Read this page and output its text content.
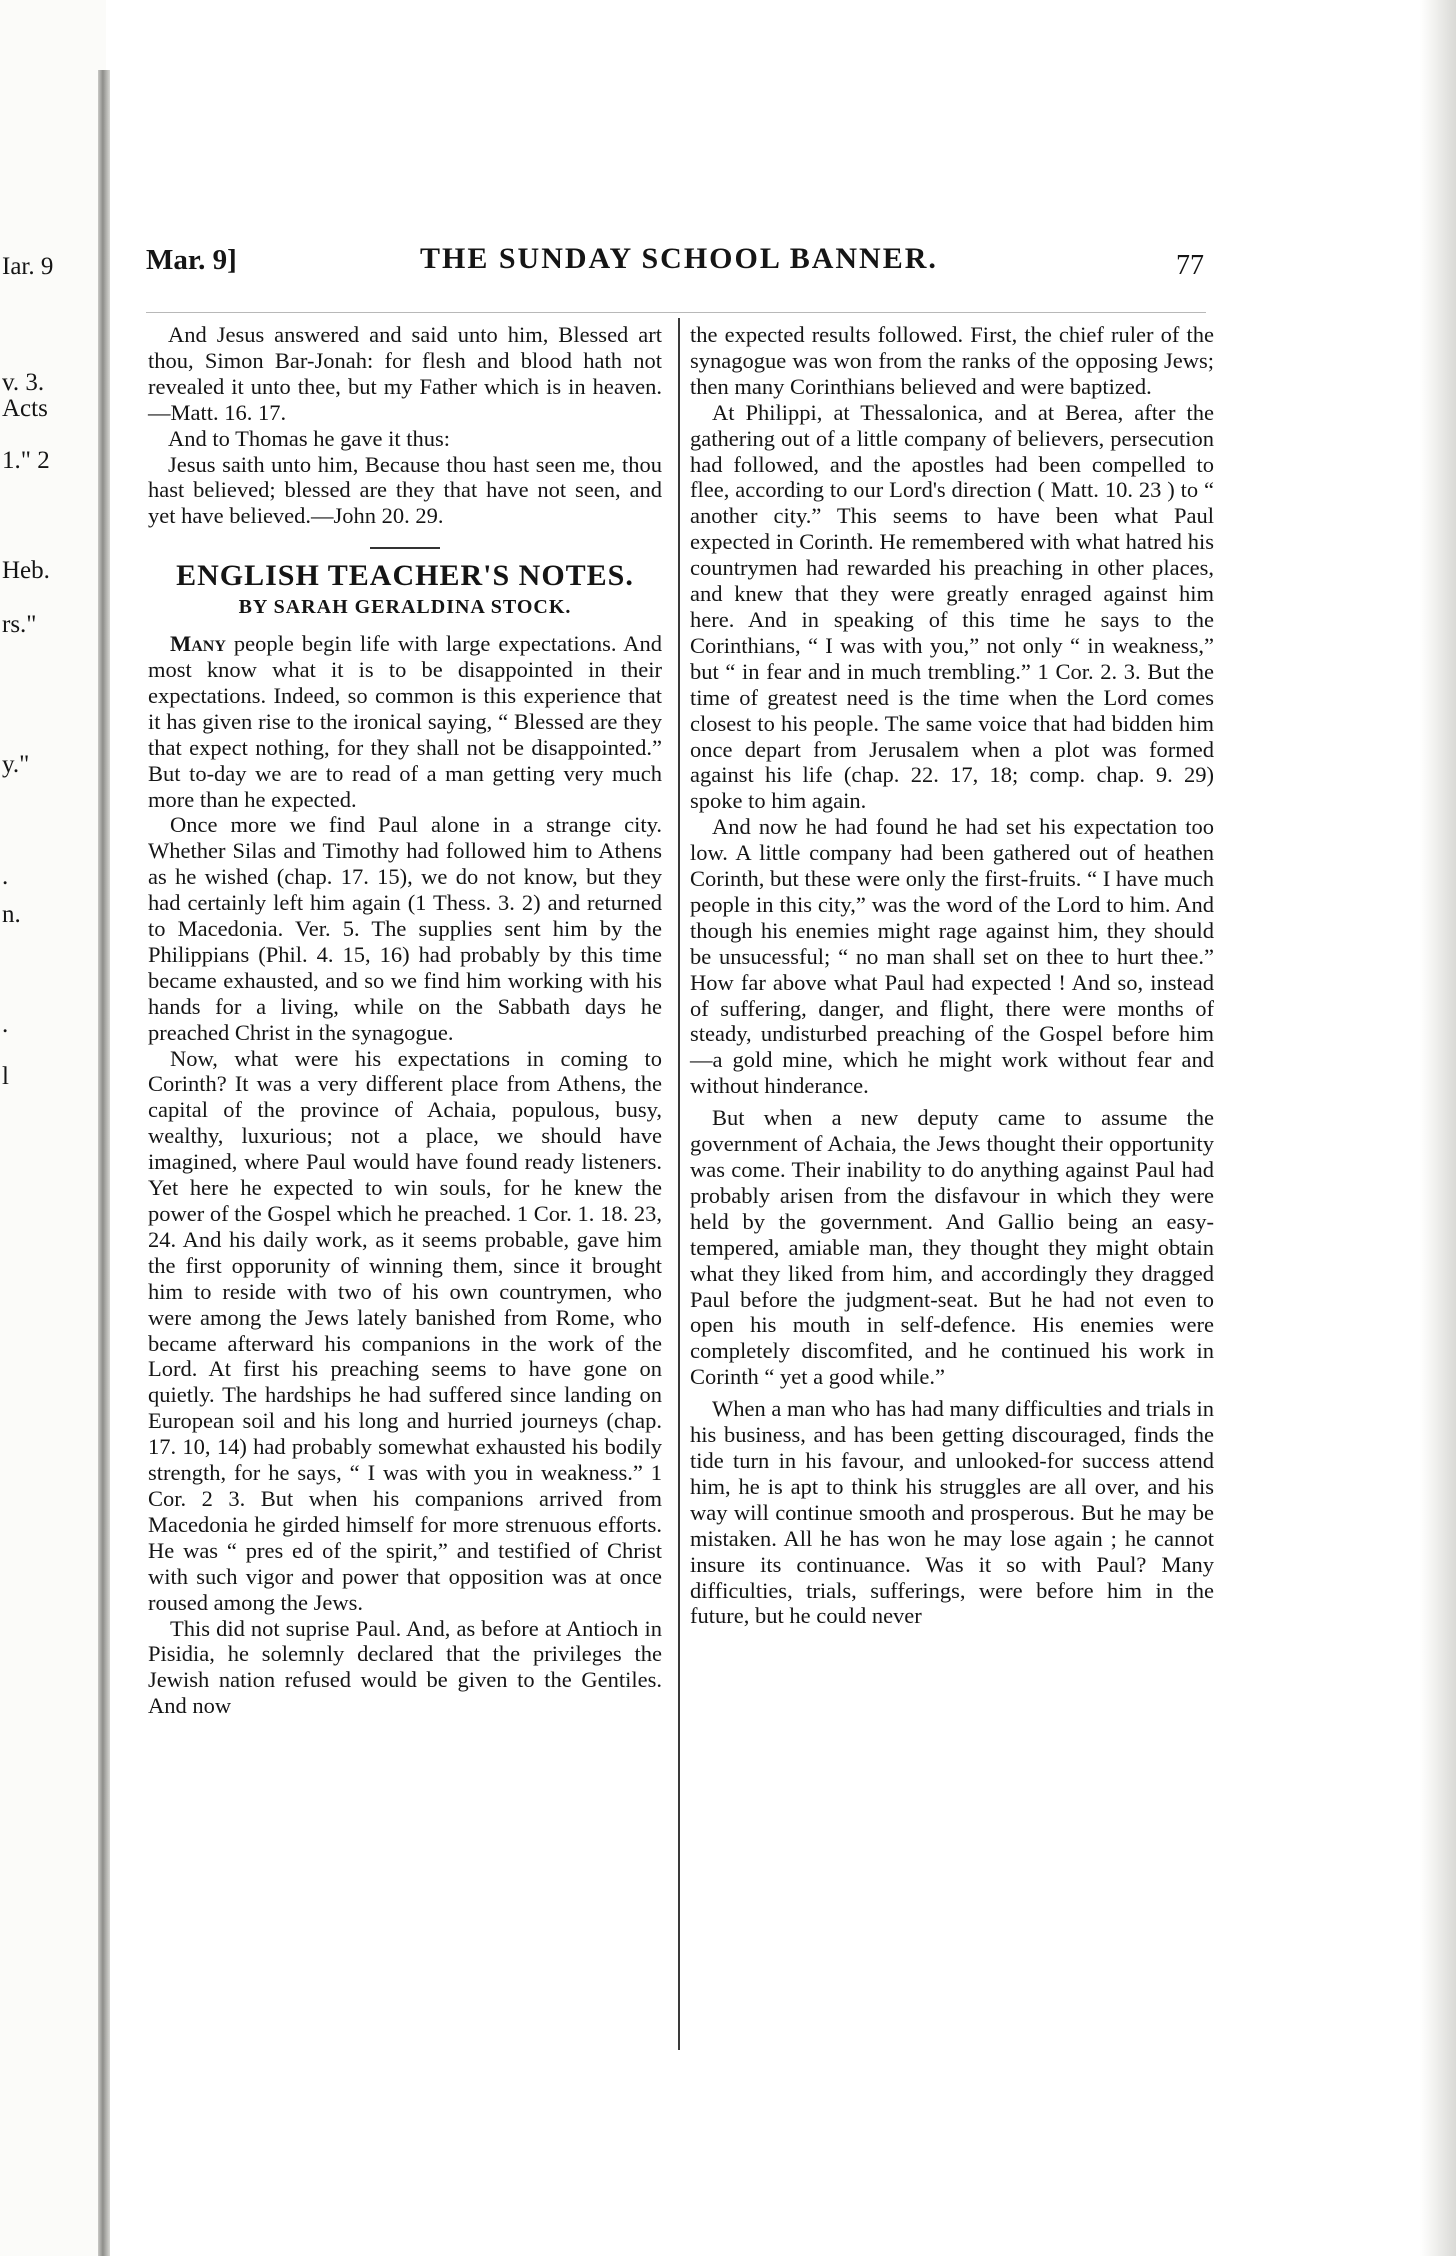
Iar. 9
v. 3.
Acts
1." 2
Heb.
rs."
y."
.
n.
.
l
Mar. 9]	THE SUNDAY SCHOOL BANNER.	77

And Jesus answered and said unto him, Blessed art thou, Simon Bar-Jonah: for flesh and blood hath not revealed it unto thee, but my Father which is in heaven.—Matt. 16. 17.

And to Thomas he gave it thus:

Jesus saith unto him, Because thou hast seen me, thou hast believed; blessed are they that have not seen, and yet have believed.—John 20. 29.

ENGLISH TEACHER'S NOTES.
BY SARAH GERALDINA STOCK.

Many people begin life with large expectations. And most know what it is to be disappointed in their expectations. Indeed, so common is this experience that it has given rise to the ironical saying, “ Blessed are they that expect nothing, for they shall not be disappointed.” But to-day we are to read of a man getting very much more than he expected.

Once more we find Paul alone in a strange city. Whether Silas and Timothy had followed him to Athens as he wished (chap. 17. 15), we do not know, but they had certainly left him again (1 Thess. 3. 2) and returned to Macedonia. Ver. 5. The supplies sent him by the Philippians (Phil. 4. 15, 16) had probably by this time became exhausted, and so we find him working with his hands for a living, while on the Sabbath days he preached Christ in the synagogue.

Now, what were his expectations in coming to Corinth? It was a very different place from Athens, the capital of the province of Achaia, populous, busy, wealthy, luxurious; not a place, we should have imagined, where Paul would have found ready listeners. Yet here he expected to win souls, for he knew the power of the Gospel which he preached. 1 Cor. 1. 18. 23, 24. And his daily work, as it seems probable, gave him the first opporunity of winning them, since it brought him to reside with two of his own countrymen, who were among the Jews lately banished from Rome, who became afterward his companions in the work of the Lord. At first his preaching seems to have gone on quietly. The hardships he had suffered since landing on European soil and his long and hurried journeys (chap. 17. 10, 14) had probably somewhat exhausted his bodily strength, for he says, “ I was with you in weakness.” 1 Cor. 2 3. But when his companions arrived from Macedonia he girded himself for more strenuous efforts. He was “ pres ed of the spirit,” and testified of Christ with such vigor and power that opposition was at once roused among the Jews.

This did not suprise Paul. And, as before at Antioch in Pisidia, he solemnly declared that the privileges the Jewish nation refused would be given to the Gentiles. And now

the expected results followed. First, the chief ruler of the synagogue was won from the ranks of the opposing Jews; then many Corinthians believed and were baptized.

At Philippi, at Thessalonica, and at Berea, after the gathering out of a little company of believers, persecution had followed, and the apostles had been compelled to flee, according to our Lord's direction ( Matt. 10. 23 ) to “ another city.” This seems to have been what Paul expected in Corinth. He remembered with what hatred his countrymen had rewarded his preaching in other places, and knew that they were greatly enraged against him here. And in speaking of this time he says to the Corinthians, “ I was with you,” not only “ in weakness,” but “ in fear and in much trembling.” 1 Cor. 2. 3. But the time of greatest need is the time when the Lord comes closest to his people. The same voice that had bidden him once depart from Jerusalem when a plot was formed against his life (chap. 22. 17, 18; comp. chap. 9. 29) spoke to him again.

And now he had found he had set his expectation too low. A little company had been gathered out of heathen Corinth, but these were only the first-fruits. “ I have much people in this city,” was the word of the Lord to him. And though his enemies might rage against him, they should be unsucessful; “ no man shall set on thee to hurt thee.” How far above what Paul had expected ! And so, instead of suffering, danger, and flight, there were months of steady, undisturbed preaching of the Gospel before him —a gold mine, which he might work without fear and without hinderance.

But when a new deputy came to assume the government of Achaia, the Jews thought their opportunity was come. Their inability to do anything against Paul had probably arisen from the disfavour in which they were held by the government. And Gallio being an easy-tempered, amiable man, they thought they might obtain what they liked from him, and accordingly they dragged Paul before the judgment-seat. But he had not even to open his mouth in self-defence. His enemies were completely discomfited, and he continued his work in Corinth “ yet a good while.”

When a man who has had many difficulties and trials in his business, and has been getting discouraged, finds the tide turn in his favour, and unlooked-for success attend him, he is apt to think his struggles are all over, and his way will continue smooth and prosperous. But he may be mistaken. All he has won he may lose again ; he cannot insure its continuance. Was it so with Paul? Many difficulties, trials, sufferings, were before him in the future, but he could never
